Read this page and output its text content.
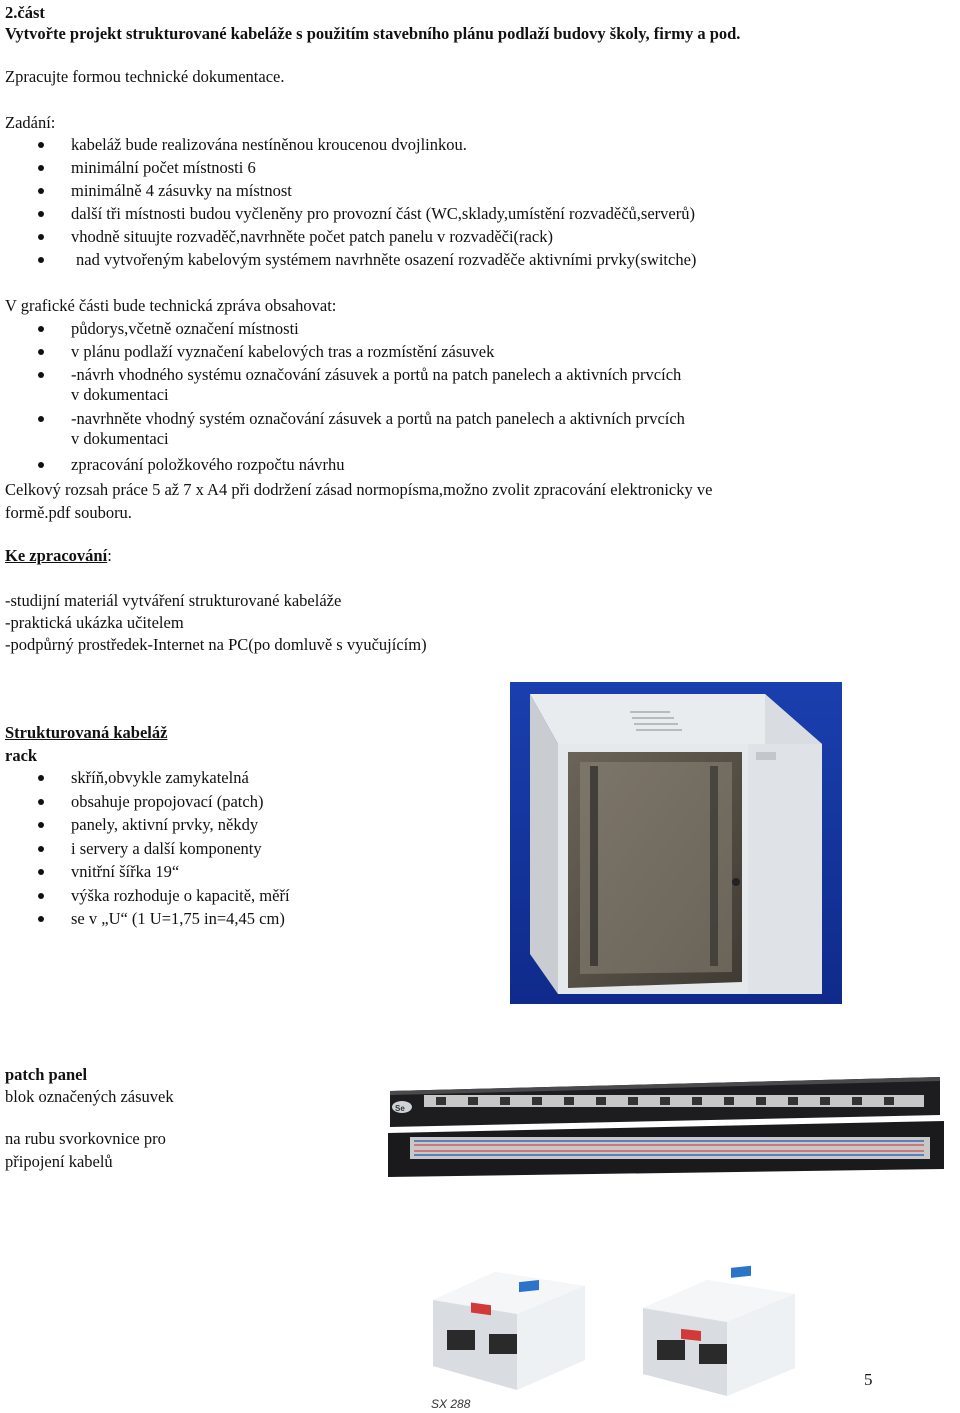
2.část
Vytvořte projekt strukturované kabeláže s použitím stavebního plánu podlaží budovy školy, firmy a pod.
Zpracujte formou technické dokumentace.
Zadání:
kabeláž bude realizována nestíněnou kroucenou dvojlinkou.
minimální počet místnosti 6
minimálně 4 zásuvky na místnost
další tři místnosti budou vyčleněny pro provozní část (WC,sklady,umístění rozvaděčů,serverů)
vhodně situujte rozvaděč,navrhněte počet patch panelu v rozvaděči(rack)
nad vytvořeným kabelovým systémem navrhněte osazení rozvaděče aktivními prvky(switche)
V grafické části bude technická zpráva obsahovat:
půdorys,včetně označení místnosti
v plánu podlaží vyznačení kabelových tras a rozmístění zásuvek
-návrh vhodného systému označování zásuvek a portů na patch panelech a aktivních prvcích
v dokumentaci
-navrhněte vhodný systém označování zásuvek a portů na patch panelech a aktivních prvcích
v dokumentaci
zpracování položkového rozpočtu návrhu
Celkový rozsah práce 5 až 7 x A4 při dodržení zásad normopísma,možno zvolit zpracování elektronicky ve
formě.pdf souboru.
Ke zpracování:
-studijní materiál vytváření strukturované kabeláže
-praktická ukázka učitelem
-podpůrný prostředek-Internet na PC(po domluvě s vyučujícím)
Strukturovaná kabeláž
rack
skříň,obvykle zamykatelná
obsahuje propojovací (patch)
panely, aktivní prvky, někdy
i servery a další komponenty
vnitřní šířka 19“
výška rozhoduje o kapacitě, měří
se v „U“ (1 U=1,75 in=4,45 cm)
patch panel
blok označených zásuvek
na rubu svorkovnice pro
připojení kabelů
Se
SX 288
5
